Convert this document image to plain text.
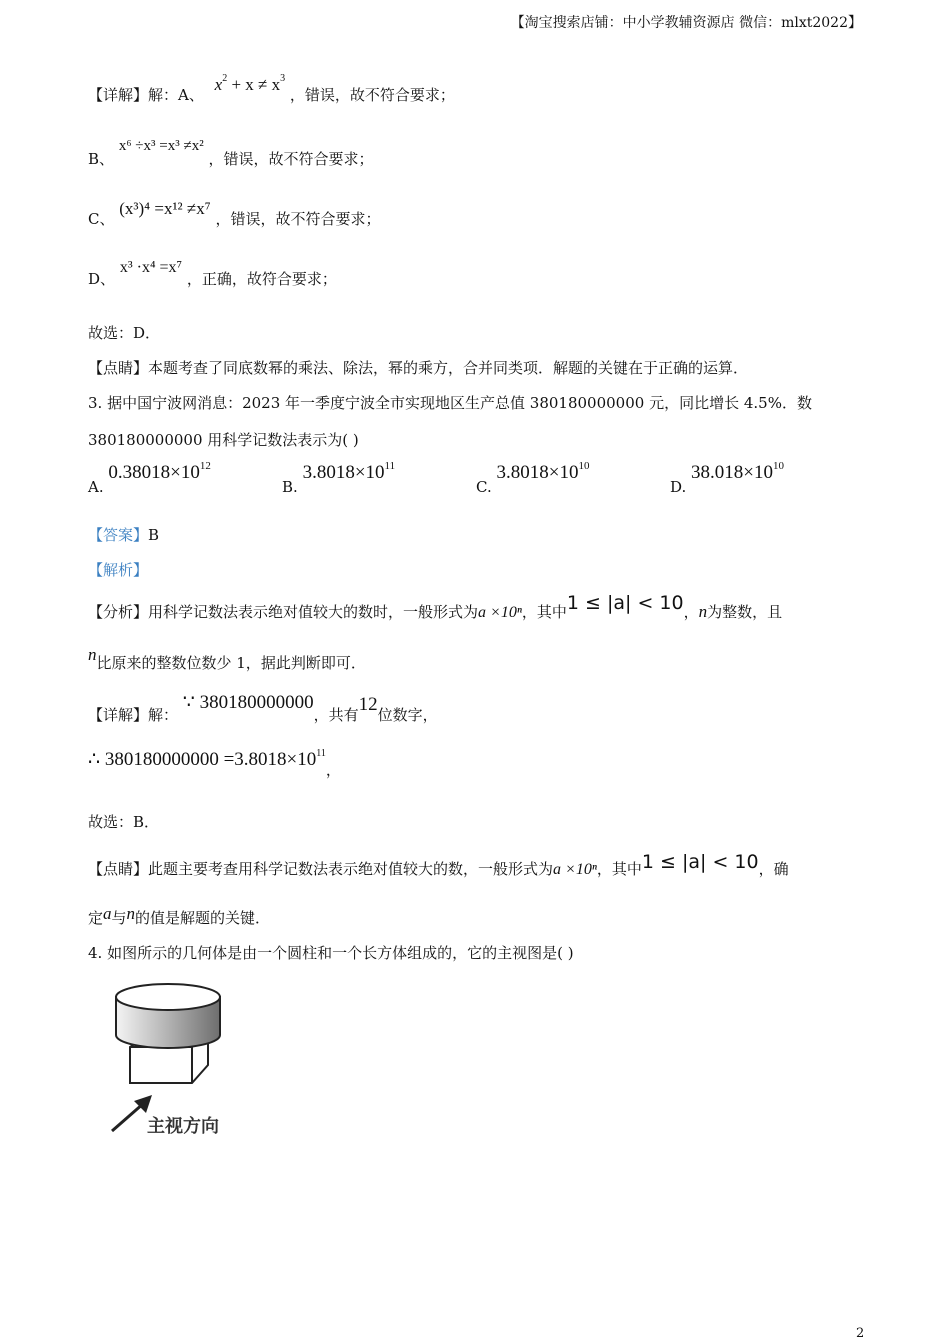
【淘宝搜索店铺：中小学教辅资源店 微信：mlxt2022】
【详解】解：A、 $x^2 + x \ne x^3$ ，错误，故不符合要求；
B、 x⁶ ÷x³ =x³ ≠x² ，错误，故不符合要求；
C、 (x³)⁴ =x¹² ≠x⁷ ，错误，故不符合要求；
D、 x³ ·x⁴ =x⁷ ，正确，故符合要求；
故选：D．
【点睛】本题考查了同底数幂的乘法、除法，幂的乘方，合并同类项．解题的关键在于正确的运算．
3. 据中国宁波网消息：2023 年一季度宁波全市实现地区生产总值 380180000000 元，同比增长 4.5%．数
380180000000 用科学记数法表示为( )
A. $0.38018\times 10^{12}$
B. $3.8018\times 10^{11}$
C. $3.8018\times 10^{10}$
D. $38.018\times 10^{10}$
【答案】B
【解析】
【分析】用科学记数法表示绝对值较大的数时，一般形式为a ×10ⁿ，其中1 ≤ |a| < 10，n为整数，且
n比原来的整数位数少 1，据此判断即可．
【详解】解： ∵ 380180000000，共有12位数字，
∴ $380180000000 =3.8018\times 10^{11}$，
故选：B．
【点睛】此题主要考查用科学记数法表示绝对值较大的数，一般形式为a ×10ⁿ，其中1 ≤ |a| < 10，确
定a与n的值是解题的关键．
4. 如图所示的几何体是由一个圆柱和一个长方体组成的，它的主视图是( )
主视方向
2
